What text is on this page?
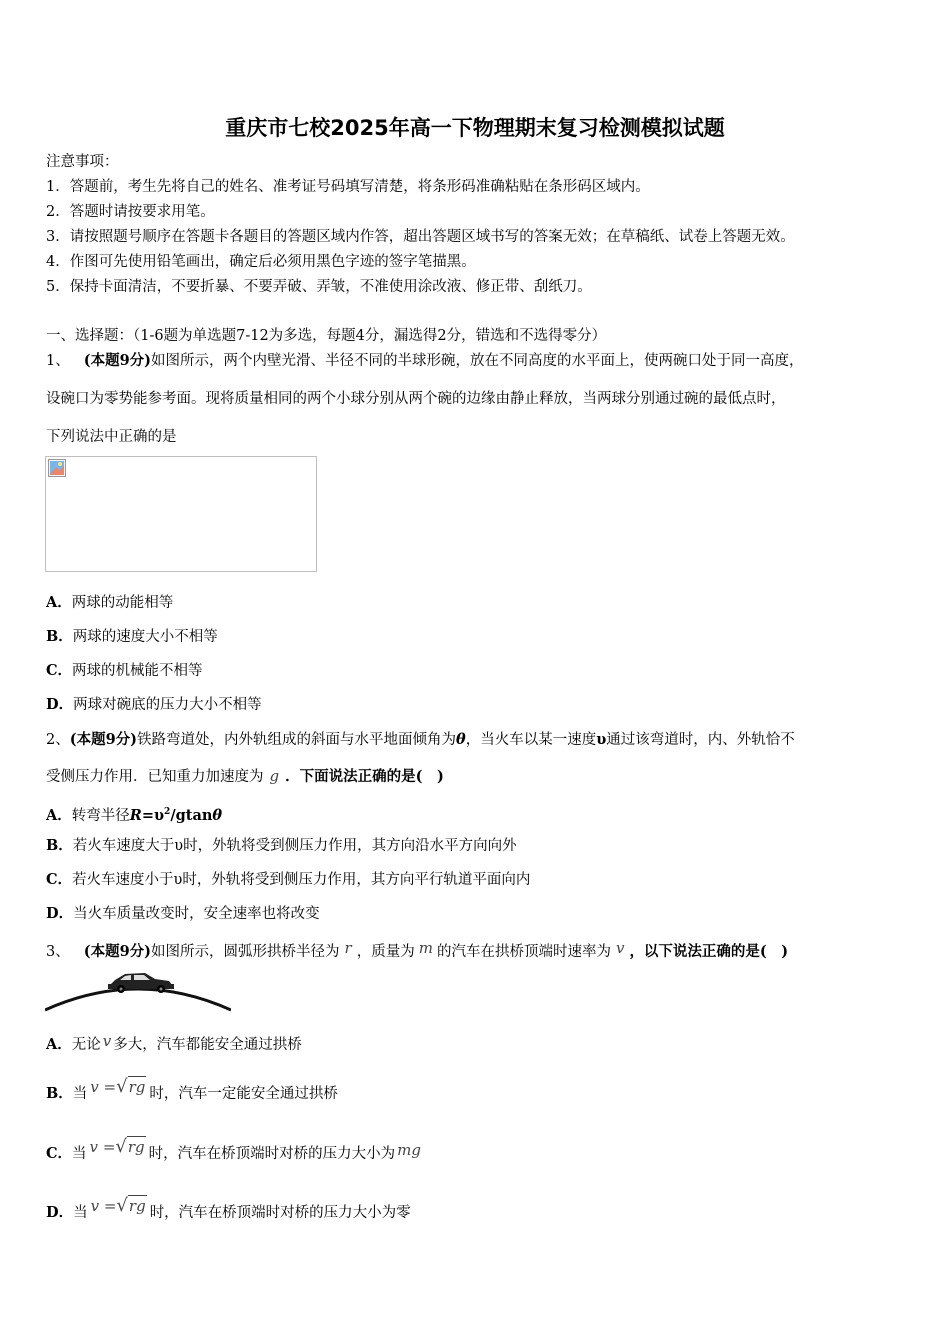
重庆市七校2025年高一下物理期末复习检测模拟试题
注意事项：
1．答题前，考生先将自己的姓名、准考证号码填写清楚，将条形码准确粘贴在条形码区域内。
2．答题时请按要求用笔。
3．请按照题号顺序在答题卡各题目的答题区域内作答，超出答题区域书写的答案无效；在草稿纸、试卷上答题无效。
4．作图可先使用铅笔画出，确定后必须用黑色字迹的签字笔描黑。
5．保持卡面清洁，不要折暴、不要弄破、弄皱，不准使用涂改液、修正带、刮纸刀。
一、选择题：（1-6题为单选题7-12为多选，每题4分，漏选得2分，错选和不选得零分）
1、 (本题9分)如图所示，两个内壁光滑、半径不同的半球形碗，放在不同高度的水平面上，使两碗口处于同一高度，
设碗口为零势能参考面。现将质量相同的两个小球分别从两个碗的边缘由静止释放，当两球分别通过碗的最低点时，
下列说法中正确的是
A．两球的动能相等
B．两球的速度大小不相等
C．两球的机械能不相等
D．两球对碗底的压力大小不相等
2、(本题9分)铁路弯道处，内外轨组成的斜面与水平地面倾角为θ，当火车以某一速度υ通过该弯道时，内、外轨恰不
受侧压力作用．已知重力加速度为 g ．下面说法正确的是(　)
A．转弯半径$R=\upsilon^2$/gtanθ
B．若火车速度大于υ时，外轨将受到侧压力作用，其方向沿水平方向向外
C．若火车速度小于υ时，外轨将受到侧压力作用，其方向平行轨道平面向内
D．当火车质量改变时，安全速率也将改变
3、 (本题9分)如图所示，圆弧形拱桥半径为 r ，质量为 m 的汽车在拱桥顶端时速率为 v ，以下说法正确的是(　)
A．无论 v 多大，汽车都能安全通过拱桥
B．当 v =√rg 时，汽车一定能安全通过拱桥
C．当 v =√rg 时，汽车在桥顶端时对桥的压力大小为 mg
D．当 v =√rg 时，汽车在桥顶端时对桥的压力大小为零
